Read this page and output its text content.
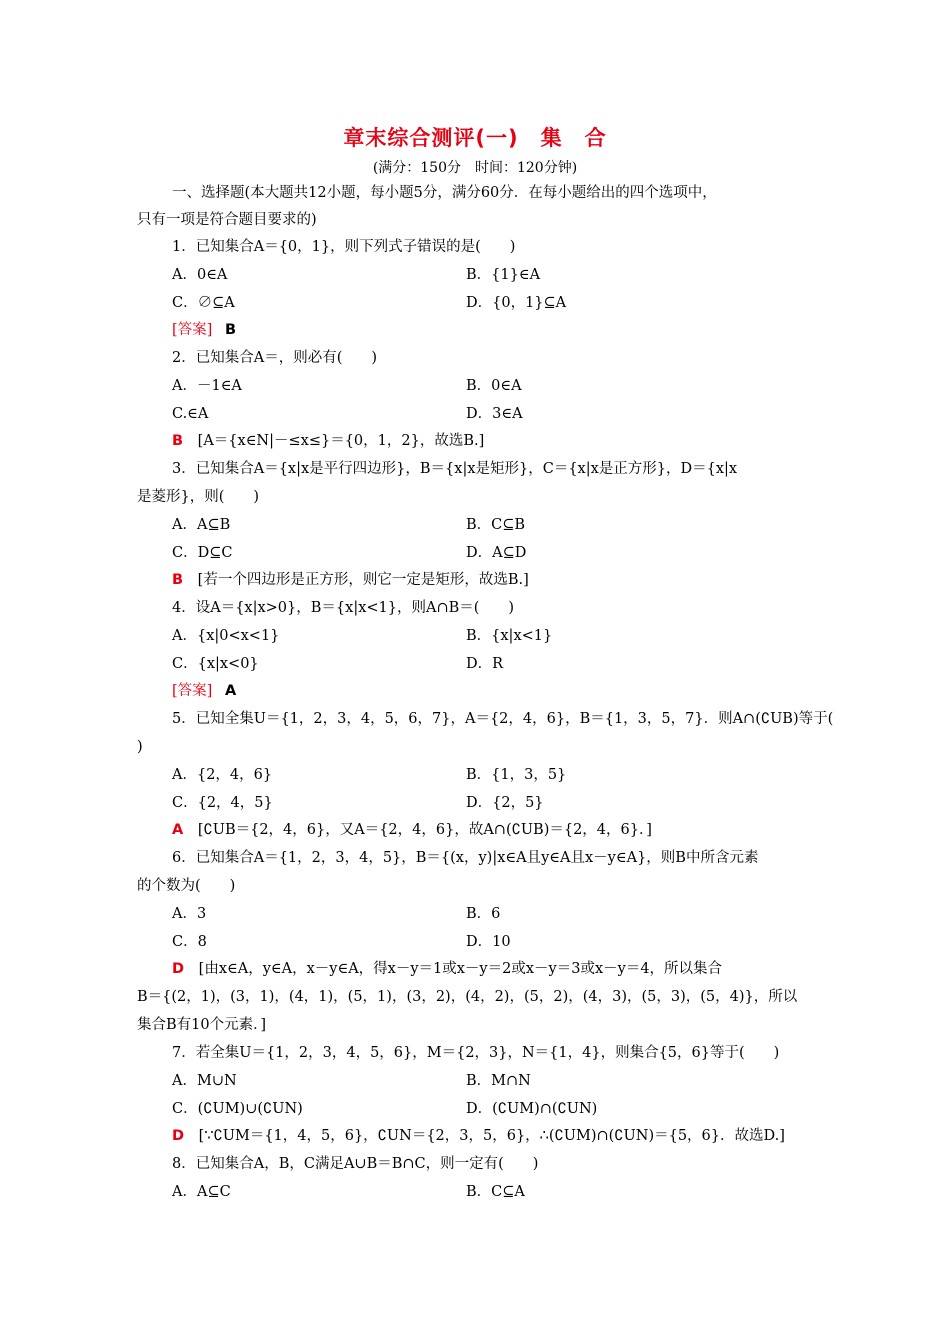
章末综合测评(一)　集　合
(满分：150分　时间：120分钟)
一、选择题(本大题共12小题，每小题5分，满分60分．在每小题给出的四个选项中，
只有一项是符合题目要求的)
1．已知集合A＝{0，1}，则下列式子错误的是(　　)
A．0∈A	B．{1}∈A
C．∅⊆A	D．{0，1}⊆A
[答案] B
2．已知集合A＝，则必有(　　)
A．－1∈A	B．0∈A
C.∈A	D．3∈A
B [A＝{x∈N|－≤x≤}＝{0，1，2}，故选B.]
3．已知集合A＝{x|x是平行四边形}，B＝{x|x是矩形}，C＝{x|x是正方形}，D＝{x|x
是菱形}，则(　　)
A．A⊆B	B．C⊆B
C．D⊆C	D．A⊆D
B [若一个四边形是正方形，则它一定是矩形，故选B.]
4．设A＝{x|x>0}，B＝{x|x<1}，则A∩B＝(　　)
A．{x|0<x<1}	B．{x|x<1}
C．{x|x<0}	D．R
[答案] A
5．已知全集U＝{1，2，3，4，5，6，7}，A＝{2，4，6}，B＝{1，3，5，7}．则A∩(∁UB)等于(
)
A．{2，4，6}	B．{1，3，5}
C．{2，4，5}	D．{2，5}
A [∁UB＝{2，4，6}，又A＝{2，4，6}，故A∩(∁UB)＝{2，4，6}．]
6．已知集合A＝{1，2，3，4，5}，B＝{(x，y)|x∈A且y∈A且x－y∈A}，则B中所含元素
的个数为(　　)
A．3	B．6
C．8	D．10
D [由x∈A，y∈A，x－y∈A，得x－y＝1或x－y＝2或x－y＝3或x－y＝4，所以集合
B＝{(2，1)，(3，1)，(4，1)，(5，1)，(3，2)，(4，2)，(5，2)，(4，3)，(5，3)，(5，4)}，所以
集合B有10个元素．]
7．若全集U＝{1，2，3，4，5，6}，M＝{2，3}，N＝{1，4}，则集合{5，6}等于(　　)
A．M∪N	B．M∩N
C．(∁UM)∪(∁UN)	D．(∁UM)∩(∁UN)
D [∵∁UM＝{1，4，5，6}，∁UN＝{2，3，5，6}，∴(∁UM)∩(∁UN)＝{5，6}．故选D.]
8．已知集合A，B，C满足A∪B＝B∩C，则一定有(　　)
A．A⊆C	B．C⊆A
